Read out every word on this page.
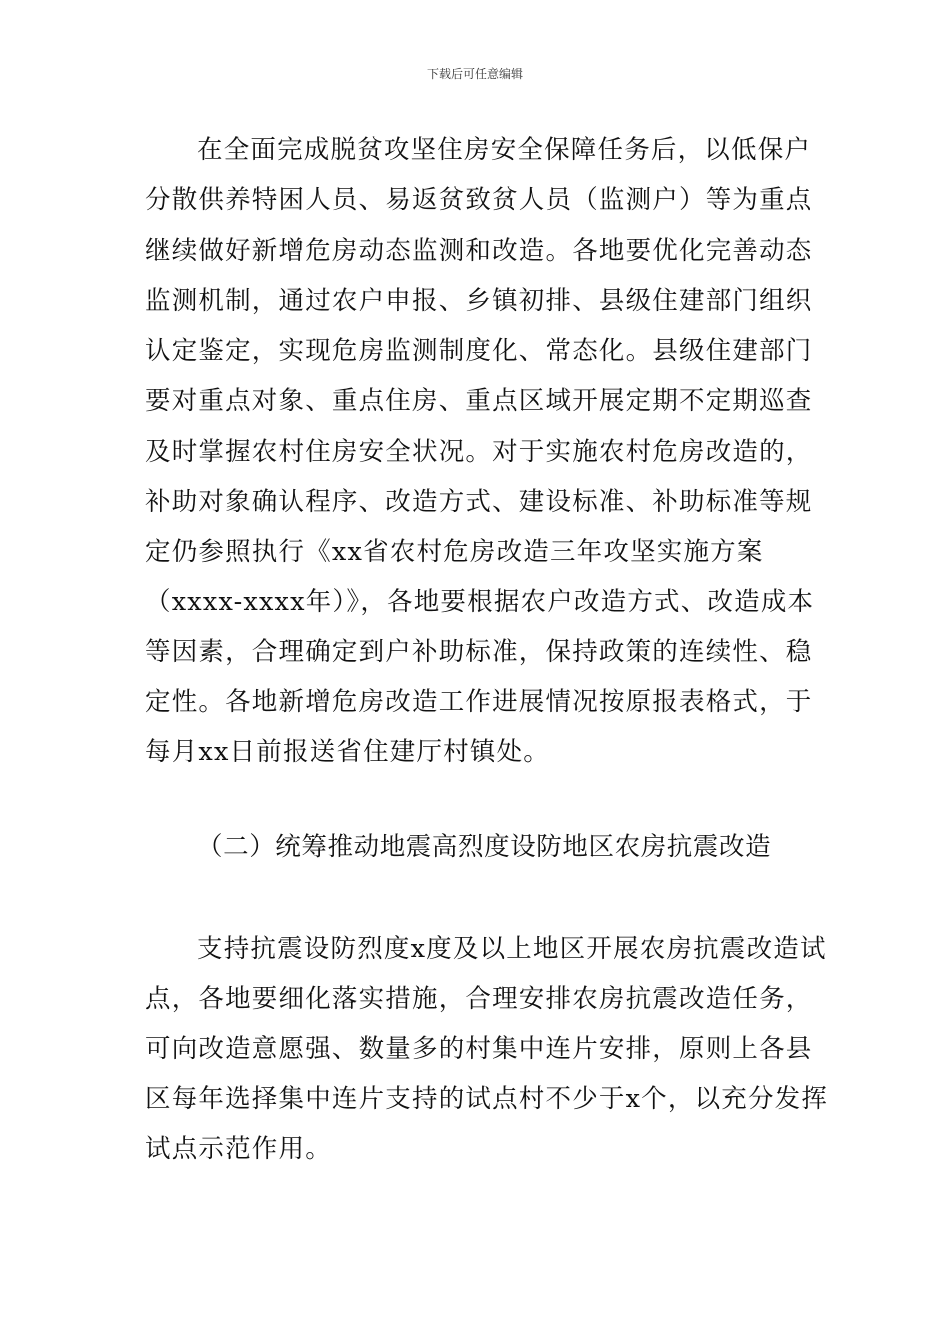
下载后可任意编辑
在全面完成脱贫攻坚住房安全保障任务后，以低保户
分散供养特困人员、易返贫致贫人员（监测户）等为重点
继续做好新增危房动态监测和改造。各地要优化完善动态
监测机制，通过农户申报、乡镇初排、县级住建部门组织
认定鉴定，实现危房监测制度化、常态化。县级住建部门
要对重点对象、重点住房、重点区域开展定期不定期巡查
及时掌握农村住房安全状况。对于实施农村危房改造的，
补助对象确认程序、改造方式、建设标准、补助标准等规
定仍参照执行《xx省农村危房改造三年攻坚实施方案
（xxxx-xxxx年）》，各地要根据农户改造方式、改造成本
等因素，合理确定到户补助标准，保持政策的连续性、稳
定性。各地新增危房改造工作进展情况按原报表格式，于
每月xx日前报送省住建厅村镇处。
（二）统筹推动地震高烈度设防地区农房抗震改造
支持抗震设防烈度x度及以上地区开展农房抗震改造试
点，各地要细化落实措施，合理安排农房抗震改造任务，
可向改造意愿强、数量多的村集中连片安排，原则上各县
区每年选择集中连片支持的试点村不少于x个，以充分发挥
试点示范作用。
